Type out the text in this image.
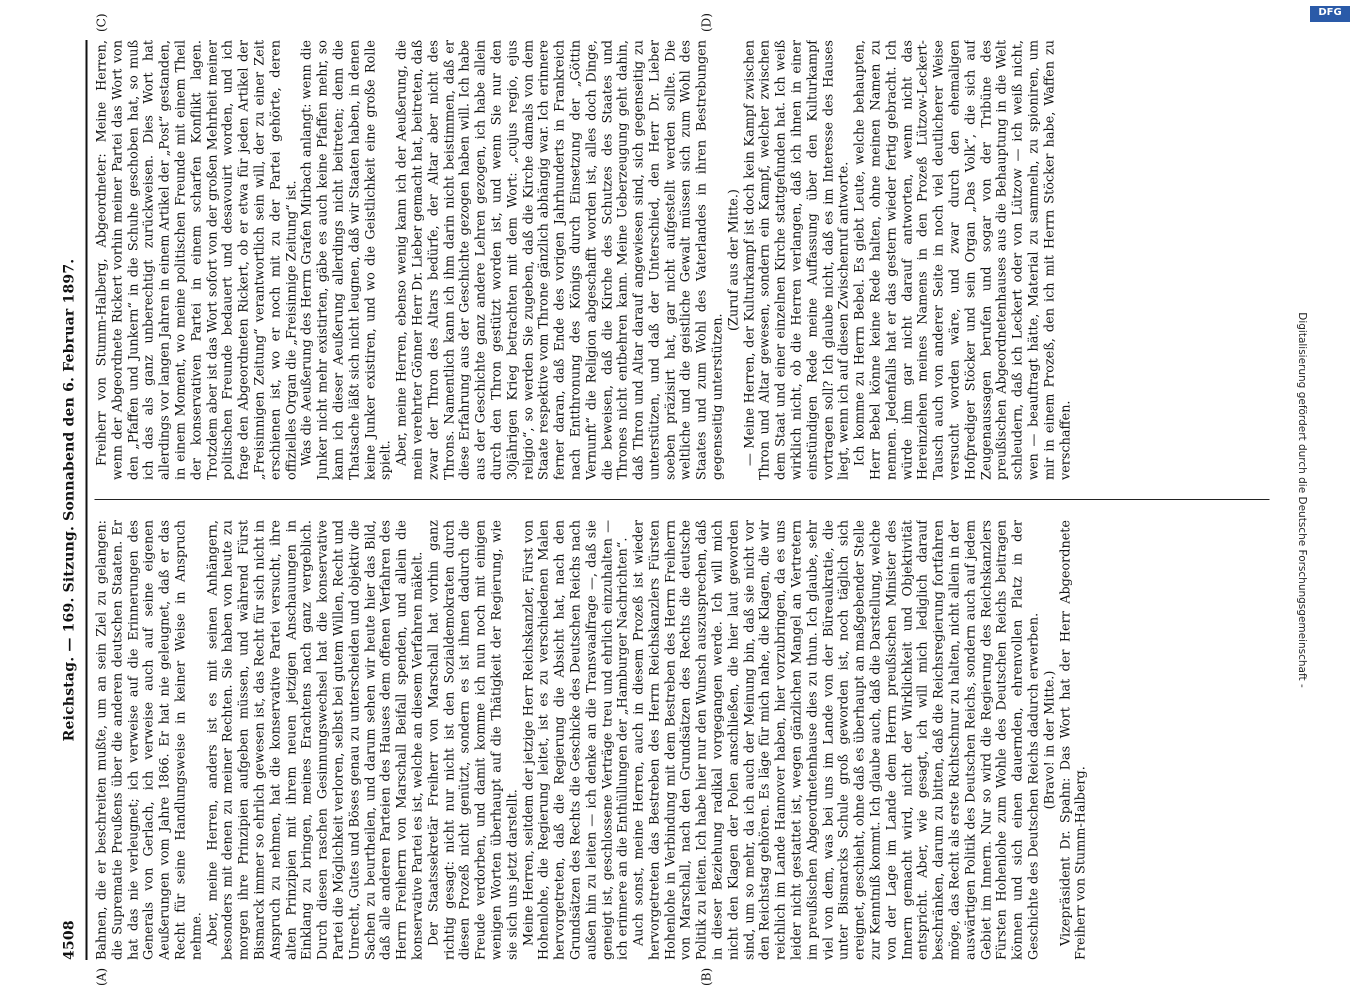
4508
Reichstag. — 169. Sitzung. Sonnabend den 6. Februar 1897.
(A)	(B)
(C)	(D)

Bahnen, die er beschreiten mußte, um an sein Ziel zu gelangen: die Suprematie Preußens über die anderen deutschen Staaten. Er hat das nie verleugnet; ich verweise auf die Erinnerungen des Generals von Gerlach, ich verweise auch auf seine eigenen Aeußerungen vom Jahre 1866. Er hat nie geleugnet, daß er das Recht für seine Handlungsweise in keiner Weise in Anspruch nehme. Aber, meine Herren, anders ist es mit seinen Anhängern, besonders mit denen zu meiner Rechten. Sie haben von heute zu morgen ihre Prinzipien aufgeben müssen, und während Fürst Bismarck immer so ehrlich gewesen ist, das Recht für sich nicht in Anspruch zu nehmen, hat die konservative Partei versucht, ihre alten Prinzipien mit ihrem neuen jetzigen Anschauungen in Einklang zu bringen, meines Erachtens nach ganz vergeblich. Durch diesen raschen Gesinnungswechsel hat die konservative Partei die Möglichkeit verloren, selbst bei gutem Willen, Recht und Unrecht, Gutes und Böses genau zu unterscheiden und objektiv die Sachen zu beurtheilen, und darum sehen wir heute hier das Bild, daß alle anderen Parteien des Hauses dem offenen Verfahren des Herrn Freiherrn von Marschall Beifall spenden, und allein die konservative Partei es ist, welche an diesem Verfahren mäkelt. Der Staatssekretär Freiherr von Marschall hat vorhin ganz richtig gesagt: nicht nur nicht ist den Sozialdemokraten durch diesen Prozeß nicht genützt, sondern es ist ihnen dadurch die Freude verdorben, und damit komme ich nun noch mit einigen wenigen Worten überhaupt auf die Thätigkeit der Regierung, wie sie sich uns jetzt darstellt. Meine Herren, seitdem der jetzige Herr Reichskanzler, Fürst von Hohenlohe, die Regierung leitet, ist es zu verschiedenen Malen hervorgetreten, daß die Regierung die Absicht hat, nach den Grundsätzen des Rechts die Geschicke des Deutschen Reichs nach außen hin zu leiten — ich denke an die Transvaalfrage —, daß sie geneigt ist, geschlossene Verträge treu und ehrlich einzuhalten — ich erinnere an die Enthüllungen der „Hamburger Nachrichten“. Auch sonst, meine Herren, auch in diesem Prozeß ist wieder hervorgetreten das Bestreben des Herrn Reichskanzlers Fürsten Hohenlohe in Verbindung mit dem Bestreben des Herrn Freiherrn von Marschall, nach den Grundsätzen des Rechts die deutsche Politik zu leiten. Ich habe hier nur den Wunsch auszusprechen, daß in dieser Beziehung radikal vorgegangen werde. Ich will mich nicht den Klagen der Polen anschließen, die hier laut geworden sind, um so mehr, da ich auch der Meinung bin, daß sie nicht vor den Reichstag gehören. Es läge für mich nahe, die Klagen, die wir reichlich im Lande Hannover haben, hier vorzubringen, da es uns leider nicht gestattet ist, wegen gänzlichen Mangel an Vertretern im preußischen Abgeordnetenhause dies zu thun. Ich glaube, sehr viel von dem, was bei uns im Lande von der Büreaukratie, die unter Bismarcks Schule groß geworden ist, noch täglich sich ereignet, geschieht, ohne daß es überhaupt an maßgebender Stelle zur Kenntniß kommt. Ich glaube auch, daß die Darstellung, welche von der Lage im Lande dem Herrn preußischen Minister des Innern gemacht wird, nicht der Wirklichkeit und Objektivität entspricht. Aber, wie gesagt, ich will mich lediglich darauf beschränken, darum zu bitten, daß die Reichsregierung fortfahren möge, das Recht als erste Richtschnur zu halten, nicht allein in der auswärtigen Politik des Deutschen Reichs, sondern auch auf jedem Gebiet im Innern. Nur so wird die Regierung des Reichskanzlers Fürsten Hohenlohe zum Wohle des Deutschen Reichs beitragen können und sich einen dauernden, ehrenvollen Platz in der Geschichte des Deutschen Reichs dadurch erwerben. (Bravo! in der Mitte.) Vizepräsident Dr. Spahn: Das Wort hat der Herr Abgeordnete Freiherr von Stumm-Halberg.

Freiherr von Stumm-Halberg, Abgeordneter: Meine Herren, wenn der Abgeordnete Rickert vorhin meiner Partei das Wort von den „Pfaffen und Junkern“ in die Schuhe geschoben hat, so muß ich das als ganz unberechtigt zurückweisen. Dies Wort hat allerdings vor langen Jahren in einem Artikel der „Post“ gestanden, in einem Moment, wo meine politischen Freunde mit einem Theil der konservativen Partei in einem scharfen Konflikt lagen. Trotzdem aber ist das Wort sofort von der großen Mehrheit meiner politischen Freunde bedauert und desavouirt worden, und ich frage den Abgeordneten Rickert, ob er etwa für jeden Artikel der „Freisinnigen Zeitung“ verantwortlich sein will, der zu einer Zeit erschienen ist, wo er noch mit zu der Partei gehörte, deren offizielles Organ die „Freisinnige Zeitung“ ist. Was die Aeußerung des Herrn Grafen Mirbach anlangt: wenn die Junker nicht mehr existirten, gäbe es auch keine Pfaffen mehr, so kann ich dieser Aeußerung allerdings nicht beitreten; denn die Thatsache läßt sich nicht leugnen, daß wir Staaten haben, in denen keine Junker existiren, und wo die Geistlichkeit eine große Rolle spielt. Aber, meine Herren, ebenso wenig kann ich der Aeußerung, die mein verehrter Gönner Herr Dr. Lieber gemacht hat, beitreten, daß zwar der Thron des Altars bedürfe, der Altar aber nicht des Throns. Namentlich kann ich ihm darin nicht beistimmen, daß er diese Erfahrung aus der Geschichte gezogen haben will. Ich habe aus der Geschichte ganz andere Lehren gezogen, ich habe allein durch den Thron gestützt worden ist, und wenn Sie nur den 30jährigen Krieg betrachten mit dem Wort: „cujus regio, ejus religio“, so werden Sie zugeben, daß die Kirche damals von dem Staate respektive vom Throne gänzlich abhängig war. Ich erinnere ferner daran, daß Ende des vorigen Jahrhunderts in Frankreich nach Entthronung des Königs durch Einsetzung der „Göttin Vernunft“ die Religion abgeschafft worden ist, alles doch Dinge, die beweisen, daß die Kirche des Schutzes des Staates und Thrones nicht entbehren kann. Meine Ueberzeugung geht dahin, daß Thron und Altar darauf angewiesen sind, sich gegenseitig zu unterstützen, und daß der Unterschied, den Herr Dr. Lieber soeben präzisirt hat, gar nicht aufgestellt werden sollte. Die weltliche und die geistliche Gewalt müssen sich zum Wohl des Staates und zum Wohl des Vaterlandes in ihren Bestrebungen gegenseitig unterstützen.

(Zuruf aus der Mitte.) — Meine Herren, der Kulturkampf ist doch kein Kampf zwischen Thron und Altar gewesen, sondern ein Kampf, welcher zwischen dem Staat und einer einzelnen Kirche stattgefunden hat. Ich weiß wirklich nicht, ob die Herren verlangen, daß ich ihnen in einer einstündigen Rede meine Auffassung über den Kulturkampf vortragen soll? Ich glaube nicht, daß es im Interesse des Hauses liegt, wenn ich auf diesen Zwischenruf antworte. Ich komme zu Herrn Bebel. Es giebt Leute, welche behaupten, Herr Bebel könne keine Rede halten, ohne meinen Namen zu nennen. Jedenfalls hat er das gestern wieder fertig gebracht. Ich würde ihm gar nicht darauf antworten, wenn nicht das Hereinziehen meines Namens in den Prozeß Lützow-Leckert-Tausch auch von anderer Seite in noch viel deutlicherer Weise versucht worden wäre, und zwar durch den ehemaligen Hofprediger Stöcker und sein Organ „Das Volk“, die sich auf Zeugenaussagen berufen und sogar von der Tribüne des preußischen Abgeordnetenhauses aus die Behauptung in die Welt schleudern, daß ich Leckert oder von Lützow — ich weiß nicht, wen — beauftragt hätte, Material zu sammeln, zu spioniren, um mir in einem Prozeß, den ich mit Herrn Stöcker habe, Waffen zu verschaffen.	Digitalisierung gefördert durch die Deutsche Forschungsgemeinschaft -
DFG
